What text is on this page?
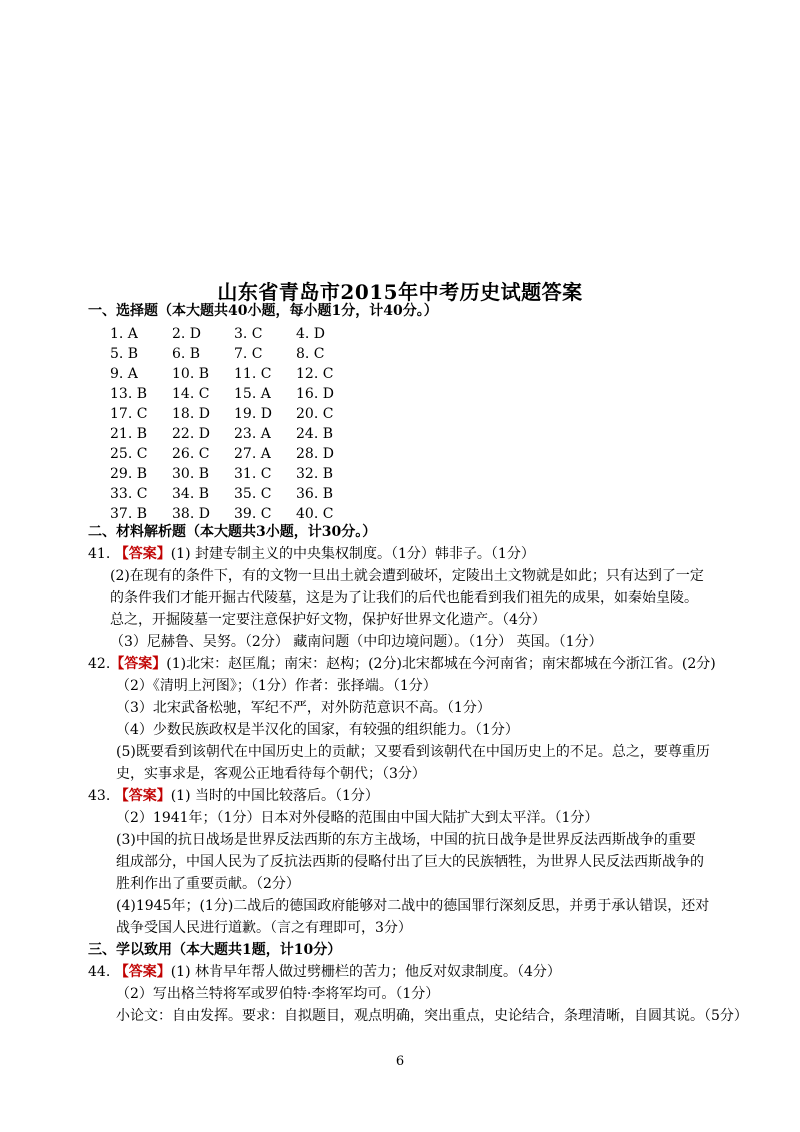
山东省青岛市2015年中考历史试题答案
一、选择题（本大题共40小题，每小题1分，计40分。）
1. A 2. D 3. C 4. D
5. B 6. B 7. C 8. C
9. A 10. B 11. C 12. C
13. B 14. C 15. A 16. D
17. C 18. D 19. D 20. C
21. B 22. D 23. A 24. B
25. C 26. C 27. A 28. D
29. B 30. B 31. C 32. B
33. C 34. B 35. C 36. B
37. B 38. D 39. C 40. C
二、材料解析题（本大题共3小题，计30分。）
41. 【答案】(1) 封建专制主义的中央集权制度。（1分）韩非子。（1分）
(2)在现有的条件下，有的文物一旦出土就会遭到破坏，定陵出土文物就是如此；只有达到了一定
的条件我们才能开掘古代陵墓，这是为了让我们的后代也能看到我们祖先的成果，如秦始皇陵。
总之，开掘陵墓一定要注意保护好文物，保护好世界文化遗产。（4分）
（3）尼赫鲁、吴努。（2分） 藏南问题（中印边境问题）。（1分） 英国。（1分）
42.【答案】(1)北宋：赵匡胤；南宋：赵构；(2分)北宋都城在今河南省；南宋都城在今浙江省。(2分)
（2）《清明上河图》；（1分）作者：张择端。（1分）
（3）北宋武备松驰，军纪不严，对外防范意识不高。（1分）
（4）少数民族政权是半汉化的国家，有较强的组织能力。（1分）
(5)既要看到该朝代在中国历史上的贡献；又要看到该朝代在中国历史上的不足。总之，要尊重历
史，实事求是，客观公正地看待每个朝代；（3分）
43. 【答案】(1) 当时的中国比较落后。（1分）
（2）1941年；（1分）日本对外侵略的范围由中国大陆扩大到太平洋。（1分）
(3)中国的抗日战场是世界反法西斯的东方主战场，中国的抗日战争是世界反法西斯战争的重要
组成部分，中国人民为了反抗法西斯的侵略付出了巨大的民族牺牲，为世界人民反法西斯战争的
胜利作出了重要贡献。（2分）
(4)1945年；(1分)二战后的德国政府能够对二战中的德国罪行深刻反思，并勇于承认错误，还对
战争受国人民进行道歉。（言之有理即可，3分）
三、学以致用（本大题共1题，计10分）
44. 【答案】(1) 林肯早年帮人做过劈栅栏的苦力；他反对奴隶制度。（4分）
（2）写出格兰特将军或罗伯特·李将军均可。（1分）
小论文：自由发挥。要求：自拟题目，观点明确，突出重点，史论结合，条理清晰，自圆其说。（5分）
6
